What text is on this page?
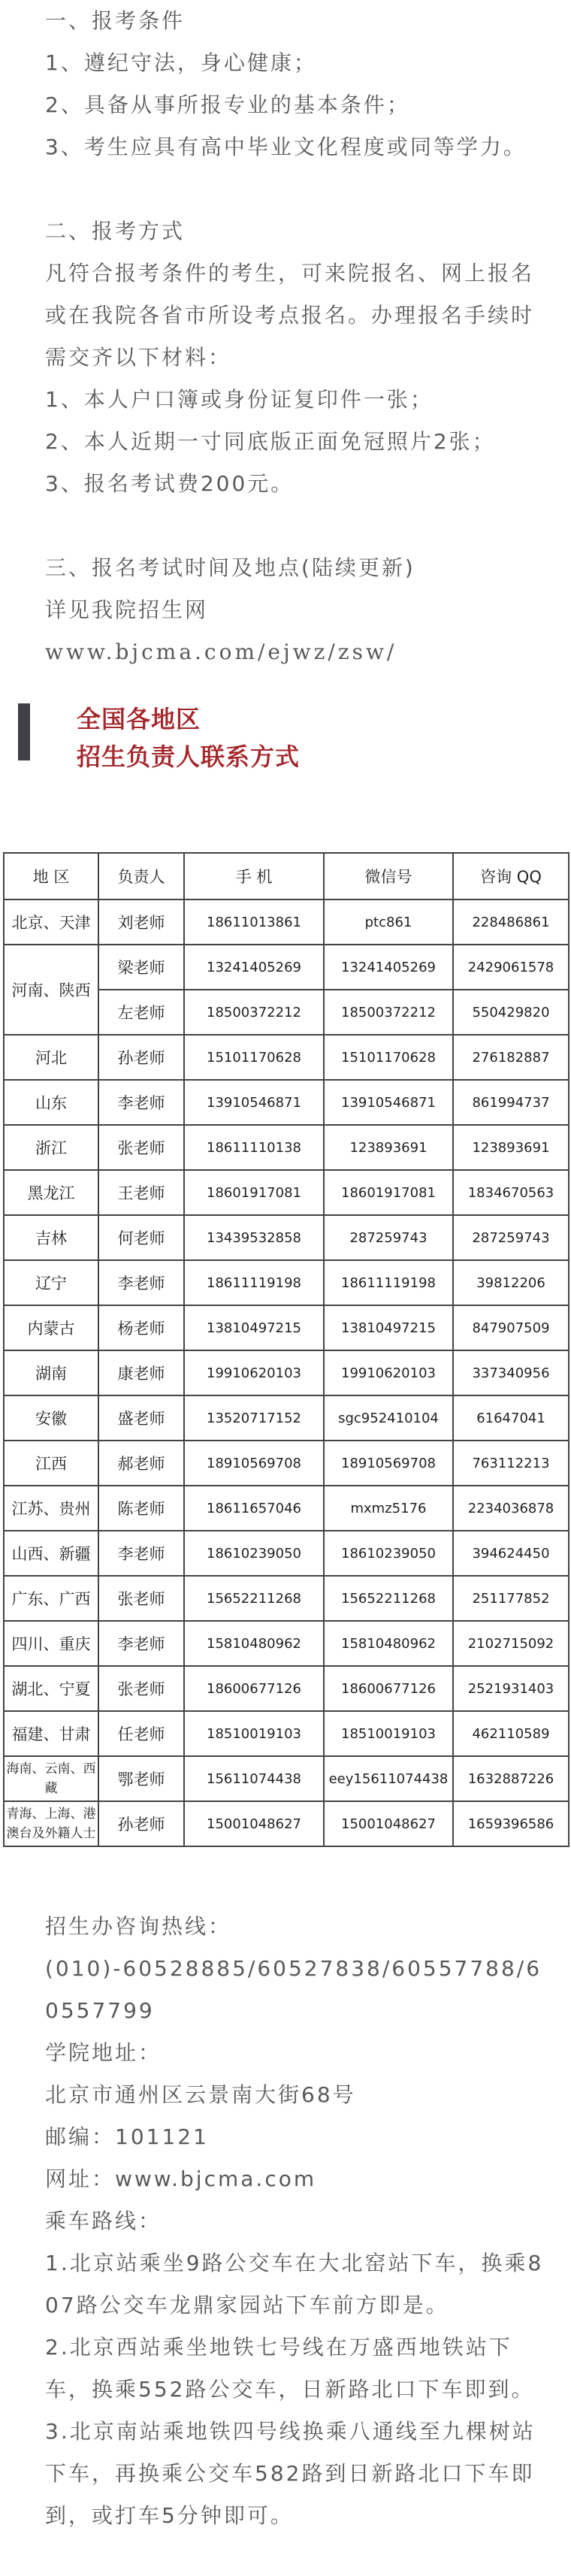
一、报考条件

1、遵纪守法，身心健康；

2、具备从事所报专业的基本条件；

3、考生应具有高中毕业文化程度或同等学力。

二、报考方式

凡符合报考条件的考生，可来院报名、网上报名或在我院各省市所设考点报名。办理报名手续时需交齐以下材料：

1、本人户口簿或身份证复印件一张；

2、本人近期一寸同底版正面免冠照片2张；

3、报名考试费200元。

三、报名考试时间及地点(陆续更新)

详见我院招生网

www.bjcma.com/ejwz/zsw/

全国各地区
招生负责人联系方式
地 区	负责人	手 机	微信号	咨询 QQ
北京、天津	刘老师	18611013861	ptc861	228486861
河南、陕西	梁老师	13241405269	13241405269	2429061578
	左老师	18500372212	18500372212	550429820
河北	孙老师	15101170628	15101170628	276182887
山东	李老师	13910546871	13910546871	861994737
浙江	张老师	18611110138	123893691	123893691
黑龙江	王老师	18601917081	18601917081	1834670563
吉林	何老师	13439532858	287259743	287259743
辽宁	李老师	18611119198	18611119198	39812206
内蒙古	杨老师	13810497215	13810497215	847907509
湖南	康老师	19910620103	19910620103	337340956
安徽	盛老师	13520717152	sgc952410104	61647041
江西	郝老师	18910569708	18910569708	763112213
江苏、贵州	陈老师	18611657046	mxmz5176	2234036878
山西、新疆	李老师	18610239050	18610239050	394624450
广东、广西	张老师	15652211268	15652211268	251177852
四川、重庆	李老师	15810480962	15810480962	2102715092
湖北、宁夏	张老师	18600677126	18600677126	2521931403
福建、甘肃	任老师	18510019103	18510019103	462110589
海南、云南、西藏	鄂老师	15611074438	eey15611074438	1632887226
青海、上海、港澳台及外籍人士	孙老师	15001048627	15001048627	1659396586

招生办咨询热线：

(010)-60528885/60527838/60557788/60557799

学院地址：

北京市通州区云景南大街68号

邮编：101121

网址：www.bjcma.com

乘车路线：

1.北京站乘坐9路公交车在大北窑站下车，换乘807路公交车龙鼎家园站下车前方即是。

2.北京西站乘坐地铁七号线在万盛西地铁站下车，换乘552路公交车，日新路北口下车即到。

3.北京南站乘地铁四号线换乘八通线至九棵树站下车，再换乘公交车582路到日新路北口下车即到，或打车5分钟即可。
